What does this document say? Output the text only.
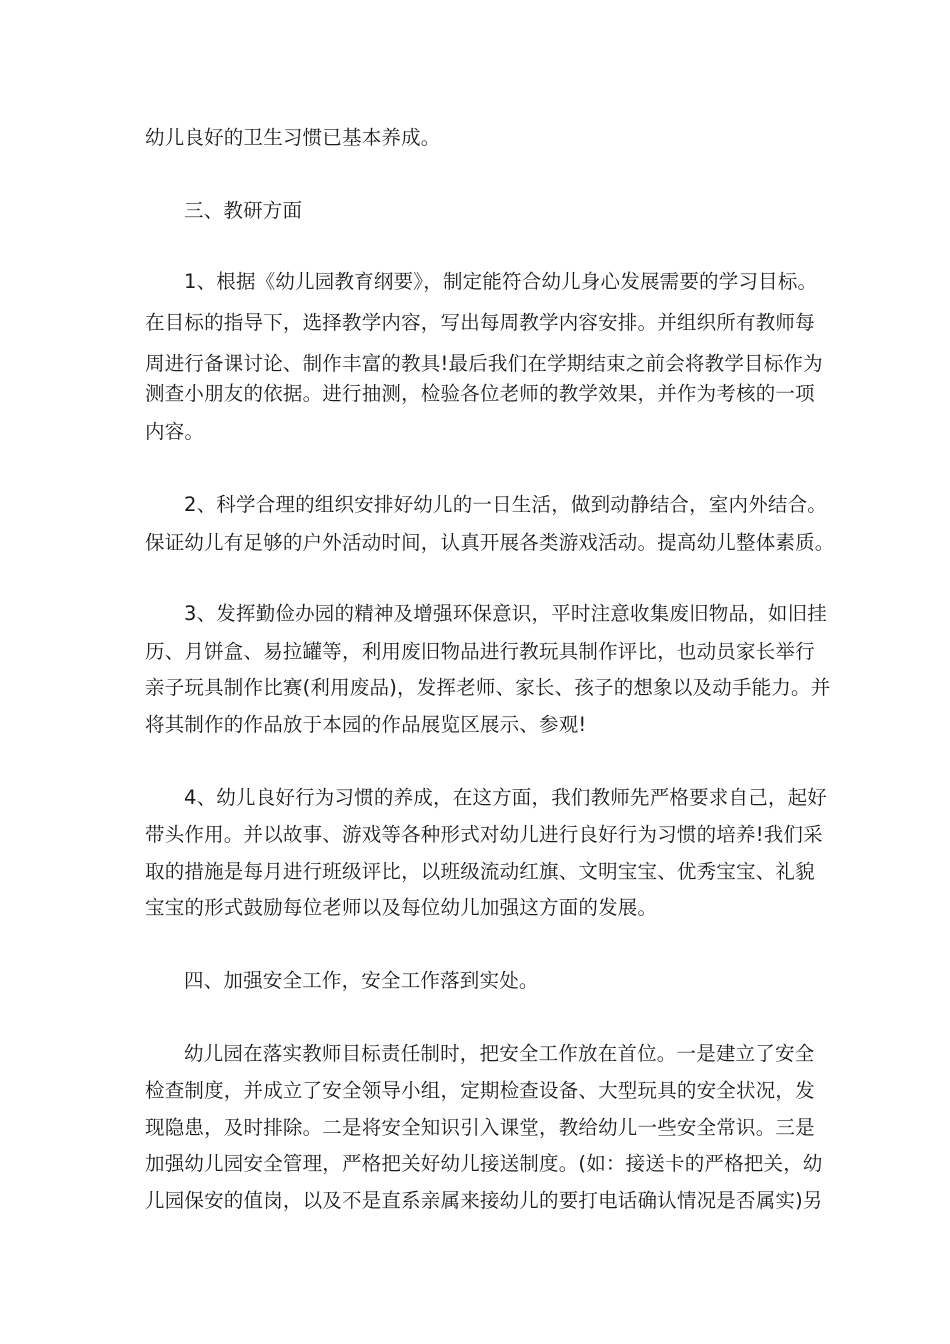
幼儿良好的卫生习惯已基本养成。
三、教研方面
1、根据《幼儿园教育纲要》，制定能符合幼儿身心发展需要的学习目标。
在目标的指导下，选择教学内容，写出每周教学内容安排。并组织所有教师每
周进行备课讨论、制作丰富的教具!最后我们在学期结束之前会将教学目标作为
测查小朋友的依据。进行抽测，检验各位老师的教学效果，并作为考核的一项
内容。
2、科学合理的组织安排好幼儿的一日生活，做到动静结合，室内外结合。
保证幼儿有足够的户外活动时间，认真开展各类游戏活动。提高幼儿整体素质。
3、发挥勤俭办园的精神及增强环保意识，平时注意收集废旧物品，如旧挂
历、月饼盒、易拉罐等，利用废旧物品进行教玩具制作评比，也动员家长举行
亲子玩具制作比赛(利用废品)，发挥老师、家长、孩子的想象以及动手能力。并
将其制作的作品放于本园的作品展览区展示、参观!
4、幼儿良好行为习惯的养成，在这方面，我们教师先严格要求自己，起好
带头作用。并以故事、游戏等各种形式对幼儿进行良好行为习惯的培养!我们采
取的措施是每月进行班级评比，以班级流动红旗、文明宝宝、优秀宝宝、礼貌
宝宝的形式鼓励每位老师以及每位幼儿加强这方面的发展。
四、加强安全工作，安全工作落到实处。
幼儿园在落实教师目标责任制时，把安全工作放在首位。一是建立了安全
检查制度，并成立了安全领导小组，定期检查设备、大型玩具的安全状况，发
现隐患，及时排除。二是将安全知识引入课堂，教给幼儿一些安全常识。三是
加强幼儿园安全管理，严格把关好幼儿接送制度。(如：接送卡的严格把关，幼
儿园保安的值岗，以及不是直系亲属来接幼儿的要打电话确认情况是否属实)另
